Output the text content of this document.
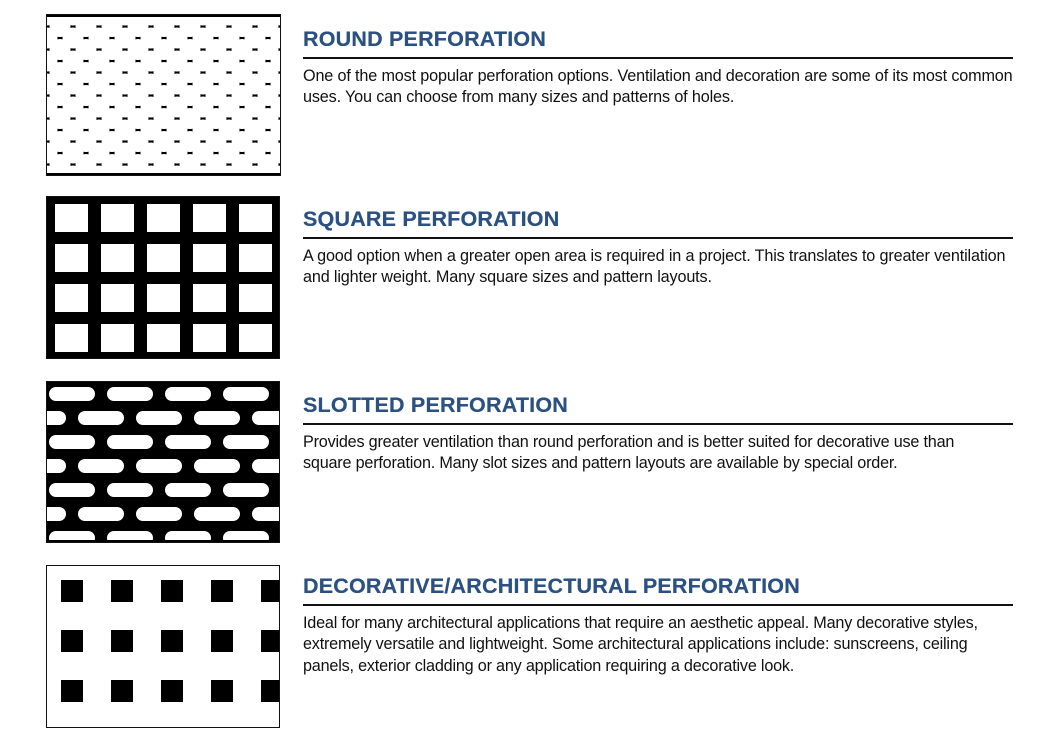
ROUND PERFORATION

One of the most popular perforation options. Ventilation and decoration are some of its most common uses. You can choose from many sizes and patterns of holes.

SQUARE PERFORATION

A good option when a greater open area is required in a project. This translates to greater ventilation and lighter weight. Many square sizes and pattern layouts.

SLOTTED PERFORATION

Provides greater ventilation than round perforation and is better suited for decorative use than square perforation. Many slot sizes and pattern layouts are available by special order.

DECORATIVE/ARCHITECTURAL PERFORATION

Ideal for many architectural applications that require an aesthetic appeal. Many decorative styles, extremely versatile and lightweight. Some architectural applications include: sunscreens, ceiling panels, exterior cladding or any application requiring a decorative look.
